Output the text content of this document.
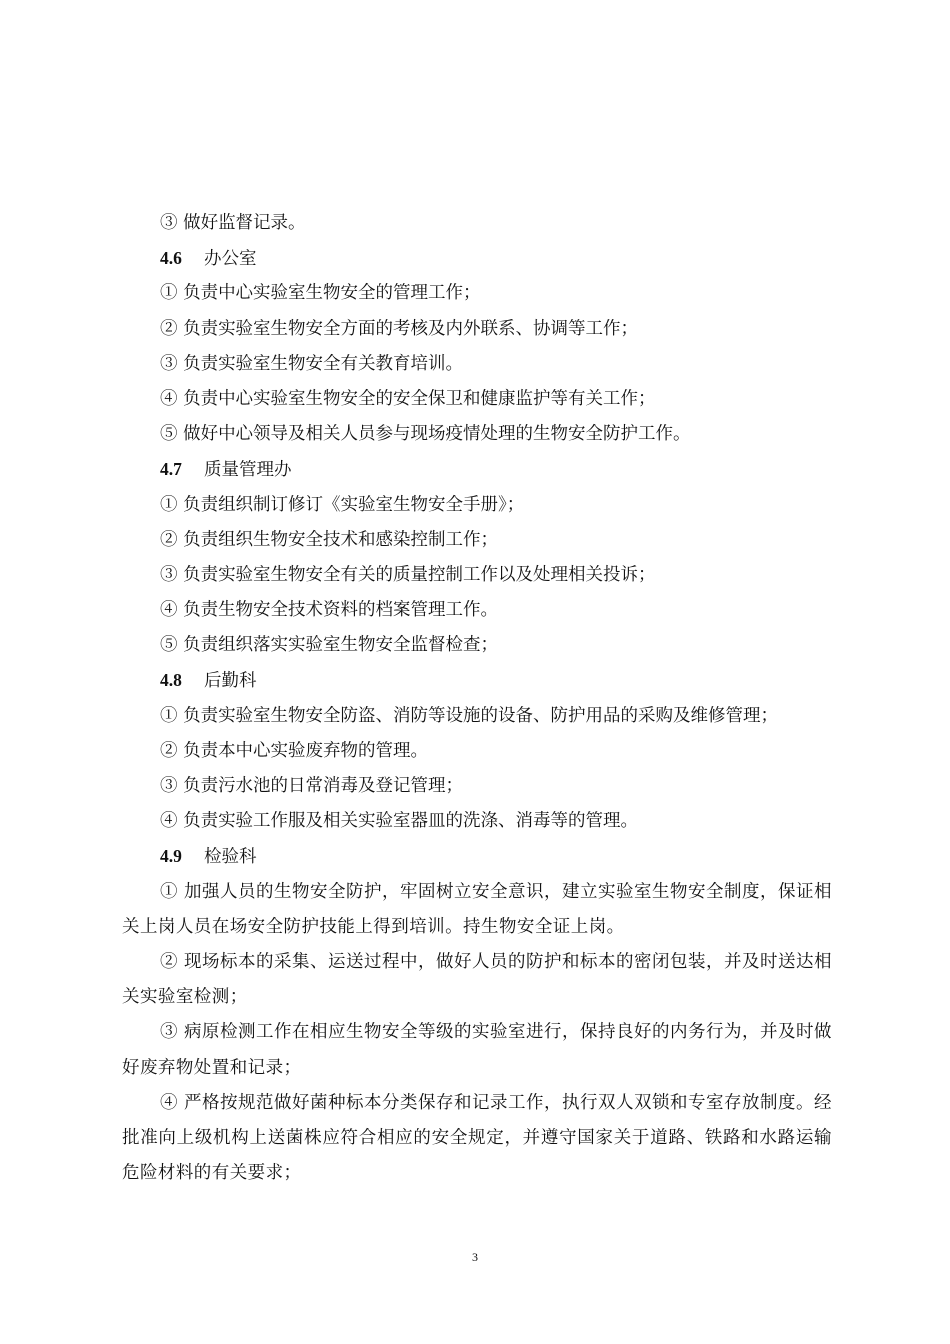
③ 做好监督记录。
4.6 办公室
① 负责中心实验室生物安全的管理工作；
② 负责实验室生物安全方面的考核及内外联系、协调等工作；
③ 负责实验室生物安全有关教育培训。
④ 负责中心实验室生物安全的安全保卫和健康监护等有关工作；
⑤ 做好中心领导及相关人员参与现场疫情处理的生物安全防护工作。
4.7 质量管理办
① 负责组织制订修订《实验室生物安全手册》；
② 负责组织生物安全技术和感染控制工作；
③ 负责实验室生物安全有关的质量控制工作以及处理相关投诉；
④ 负责生物安全技术资料的档案管理工作。
⑤ 负责组织落实实验室生物安全监督检查；
4.8 后勤科
① 负责实验室生物安全防盗、消防等设施的设备、防护用品的采购及维修管理；
② 负责本中心实验废弃物的管理。
③ 负责污水池的日常消毒及登记管理；
④ 负责实验工作服及相关实验室器皿的洗涤、消毒等的管理。
4.9 检验科
① 加强人员的生物安全防护，牢固树立安全意识，建立实验室生物安全制度，保证相关上岗人员在场安全防护技能上得到培训。持生物安全证上岗。
② 现场标本的采集、运送过程中，做好人员的防护和标本的密闭包装，并及时送达相关实验室检测；
③ 病原检测工作在相应生物安全等级的实验室进行，保持良好的内务行为，并及时做好废弃物处置和记录；
④ 严格按规范做好菌种标本分类保存和记录工作，执行双人双锁和专室存放制度。经批准向上级机构上送菌株应符合相应的安全规定，并遵守国家关于道路、铁路和水路运输危险材料的有关要求；
3
